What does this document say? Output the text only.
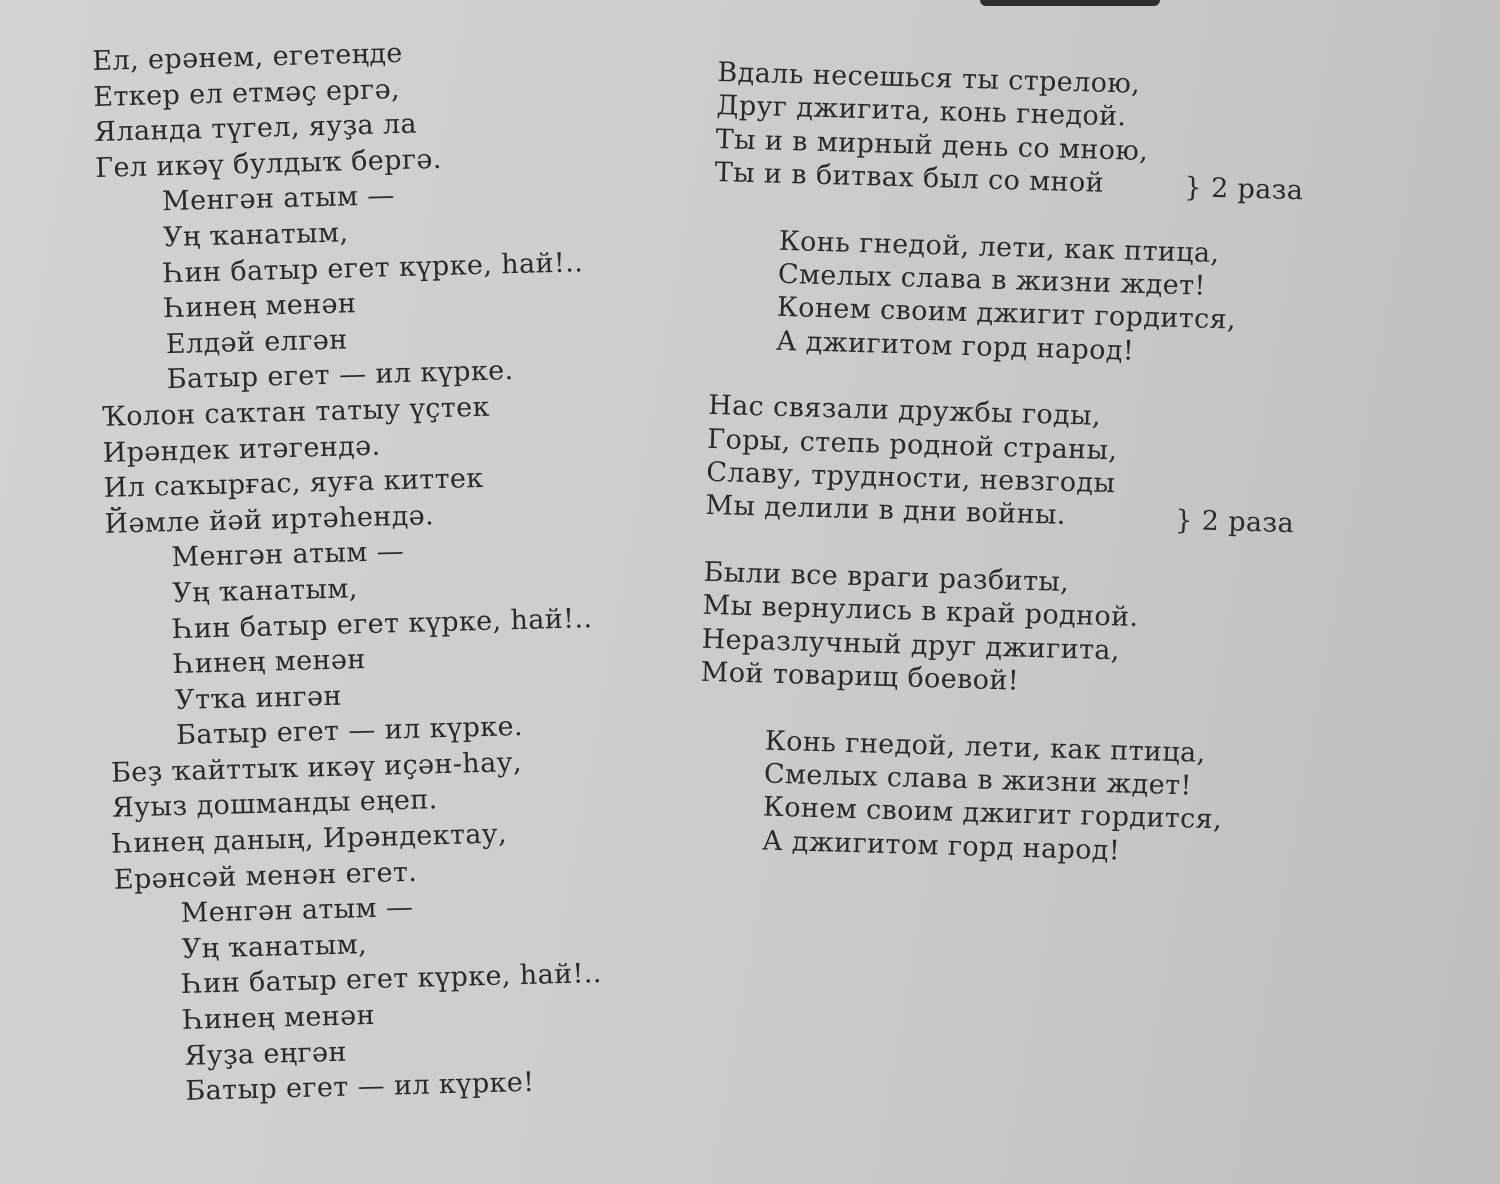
Ел, ерәнем, егетеңде
Еткер ел етмәҫ ергә,
Яланда түгел, яуҙа ла
Гел икәү булдыҡ бергә.
Менгән атым —
Уң ҡанатым,
Һин батыр егет күрке, һай!..
Һинең менән
Елдәй елгән
Батыр егет — ил күрке.
Ҡолон саҡтан татыу үҫтек
Ирәндек итәгендә.
Ил саҡырғас, яуға киттек
Йәмле йәй иртәһендә.
Менгән атым —
Уң ҡанатым,
Һин батыр егет күрке, һай!..
Һинең менән
Утҡа ингән
Батыр егет — ил күрке.
Беҙ ҡайттыҡ икәү иҫән-һау,
Яуыз дошманды еңеп.
Һинең даның, Ирәндектау,
Ерәнсәй менән егет.
Менгән атым —
Уң ҡанатым,
Һин батыр егет күрке, һай!..
Һинең менән
Яуҙа еңгән
Батыр егет — ил күрке!
Вдаль несешься ты стрелою,
Друг джигита, конь гнедой.
Ты и в мирный день со мною,
Ты и в битвах был со мной	} 2 раза
Конь гнедой, лети, как птица,
Смелых слава в жизни ждет!
Конем своим джигит гордится,
А джигитом горд народ!
Нас связали дружбы годы,
Горы, степь родной страны,
Славу, трудности, невзгоды
Мы делили в дни войны.	} 2 раза
Были все враги разбиты,
Мы вернулись в край родной.
Неразлучный друг джигита,
Мой товарищ боевой!
Конь гнедой, лети, как птица,
Смелых слава в жизни ждет!
Конем своим джигит гордится,
А джигитом горд народ!
